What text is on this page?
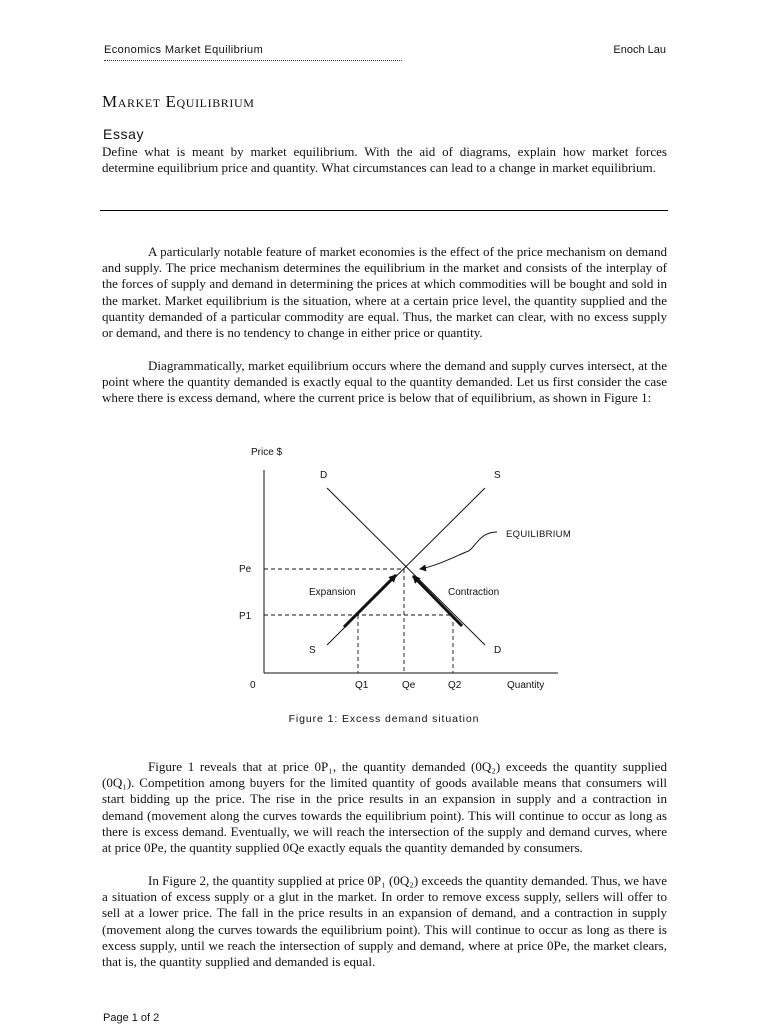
Economics Market Equilibrium	Enoch Lau
Market Equilibrium
Essay

Define what is meant by market equilibrium. With the aid of diagrams, explain how market forces determine equilibrium price and quantity. What circumstances can lead to a change in market equilibrium.

A particularly notable feature of market economies is the effect of the price mechanism on demand and supply. The price mechanism determines the equilibrium in the market and consists of the interplay of the forces of supply and demand in determining the prices at which commodities will be bought and sold in the market. Market equilibrium is the situation, where at a certain price level, the quantity supplied and the quantity demanded of a particular commodity are equal. Thus, the market can clear, with no excess supply or demand, and there is no tendency to change in either price or quantity.

Diagrammatically, market equilibrium occurs where the demand and supply curves intersect, at the point where the quantity demanded is exactly equal to the quantity demanded. Let us first consider the case where there is excess demand, where the current price is below that of equilibrium, as shown in Figure 1:

Price $
Quantity
0
D	S
S	D
Pe
P1
Q1	Qe	Q2
EQUILIBRIUM
Expansion	Contraction
Figure 1: Excess demand situation

Figure 1 reveals that at price 0P₁, the quantity demanded (0Q₂) exceeds the quantity supplied (0Q₁). Competition among buyers for the limited quantity of goods available means that consumers will start bidding up the price. The rise in the price results in an expansion in supply and a contraction in demand (movement along the curves towards the equilibrium point). This will continue to occur as long as there is excess demand. Eventually, we will reach the intersection of the supply and demand curves, where at price 0Pe, the quantity supplied 0Qe exactly equals the quantity demanded by consumers.

In Figure 2, the quantity supplied at price 0P₁ (0Q₂) exceeds the quantity demanded. Thus, we have a situation of excess supply or a glut in the market. In order to remove excess supply, sellers will offer to sell at a lower price. The fall in the price results in an expansion of demand, and a contraction in supply (movement along the curves towards the equilibrium point). This will continue to occur as long as there is excess supply, until we reach the intersection of supply and demand, where at price 0Pe, the market clears, that is, the quantity supplied and demanded is equal.

Page 1 of 2
